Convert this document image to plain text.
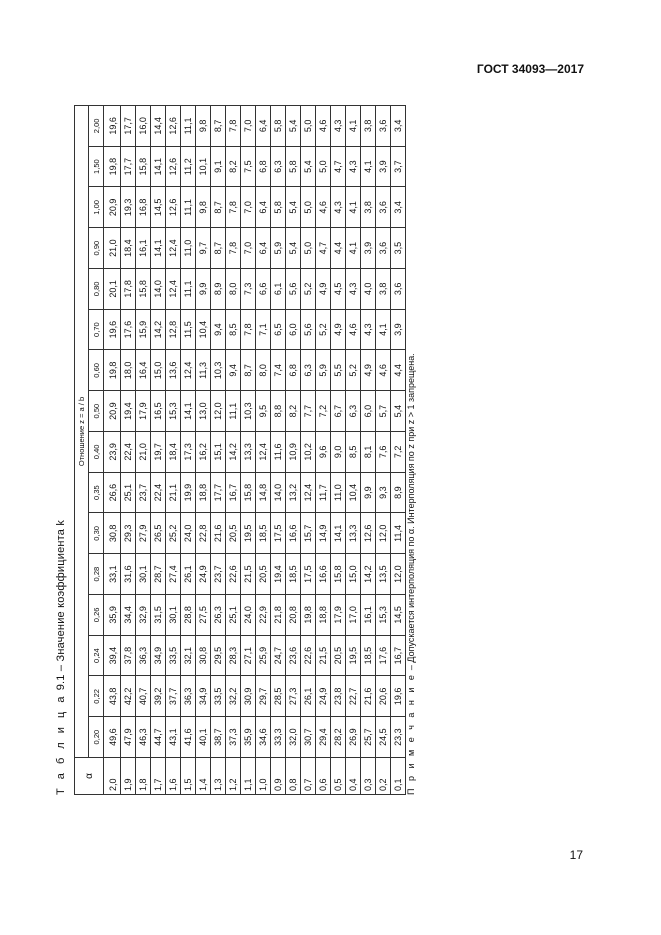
ГОСТ 34093—2017
Т а б л и ц а 9.1 – Значение коэффициента k
α	Отношение z = a / b															
	0,20	0,22	0,24	0,26	0,28	0,30	0,35	0,40	0,50	0,60	0,70	0,80	0,90	1,00	1,50	2,00
2,0	49,6	43,8	39,4	35,9	33,1	30,8	26,6	23,9	20,9	19,8	19,6	20,1	21,0	20,9	19,8	19,6
1,9	47,9	42,2	37,8	34,4	31,6	29,3	25,1	22,4	19,4	18,0	17,6	17,8	18,4	19,3	17,7	17,7
1,8	46,3	40,7	36,3	32,9	30,1	27,9	23,7	21,0	17,9	16,4	15,9	15,8	16,1	16,8	15,8	16,0
1,7	44,7	39,2	34,9	31,5	28,7	26,5	22,4	19,7	16,5	15,0	14,2	14,0	14,1	14,5	14,1	14,4
1,6	43,1	37,7	33,5	30,1	27,4	25,2	21,1	18,4	15,3	13,6	12,8	12,4	12,4	12,6	12,6	12,6
1,5	41,6	36,3	32,1	28,8	26,1	24,0	19,9	17,3	14,1	12,4	11,5	11,1	11,0	11,1	11,2	11,1
1,4	40,1	34,9	30,8	27,5	24,9	22,8	18,8	16,2	13,0	11,3	10,4	9,9	9,7	9,8	10,1	9,8
1,3	38,7	33,5	29,5	26,3	23,7	21,6	17,7	15,1	12,0	10,3	9,4	8,9	8,7	8,7	9,1	8,7
1,2	37,3	32,2	28,3	25,1	22,6	20,5	16,7	14,2	11,1	9,4	8,5	8,0	7,8	7,8	8,2	7,8
1,1	35,9	30,9	27,1	24,0	21,5	19,5	15,8	13,3	10,3	8,7	7,8	7,3	7,0	7,0	7,5	7,0
1,0	34,6	29,7	25,9	22,9	20,5	18,5	14,8	12,4	9,5	8,0	7,1	6,6	6,4	6,4	6,8	6,4
0,9	33,3	28,5	24,7	21,8	19,4	17,5	14,0	11,6	8,8	7,4	6,5	6,1	5,9	5,8	6,3	5,8
0,8	32,0	27,3	23,6	20,8	18,5	16,6	13,2	10,9	8,2	6,8	6,0	5,6	5,4	5,4	5,8	5,4
0,7	30,7	26,1	22,6	19,8	17,5	15,7	12,4	10,2	7,7	6,3	5,6	5,2	5,0	5,0	5,4	5,0
0,6	29,4	24,9	21,5	18,8	16,6	14,9	11,7	9,6	7,2	5,9	5,2	4,9	4,7	4,6	5,0	4,6
0,5	28,2	23,8	20,5	17,9	15,8	14,1	11,0	9,0	6,7	5,5	4,9	4,5	4,4	4,3	4,7	4,3
0,4	26,9	22,7	19,5	17,0	15,0	13,3	10,4	8,5	6,3	5,2	4,6	4,3	4,1	4,1	4,3	4,1
0,3	25,7	21,6	18,5	16,1	14,2	12,6	9,9	8,1	6,0	4,9	4,3	4,0	3,9	3,8	4,1	3,8
0,2	24,5	20,6	17,6	15,3	13,5	12,0	9,3	7,6	5,7	4,6	4,1	3,8	3,6	3,6	3,9	3,6
0,1	23,3	19,6	16,7	14,5	12,0	11,4	8,9	7,2	5,4	4,4	3,9	3,6	3,5	3,4	3,7	3,4
П р и м е ч а н и е – Допускается интерполяция по α. Интерполяция по z при z > 1 запрещена.
17
